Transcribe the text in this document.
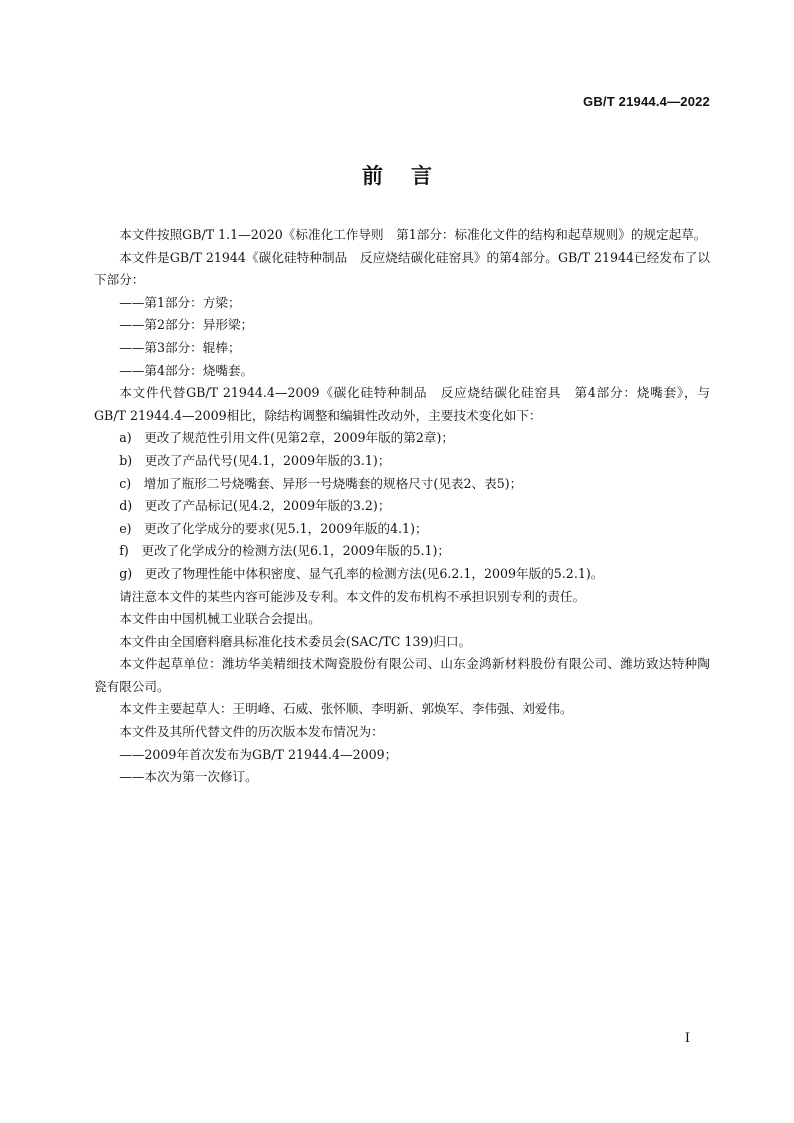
GB/T 21944.4—2022
前言

本文件按照GB/T 1.1—2020《标准化工作导则　第1部分：标准化文件的结构和起草规则》的规定起草。

本文件是GB/T 21944《碳化硅特种制品　反应烧结碳化硅窑具》的第4部分。GB/T 21944已经发布了以下部分：

——第1部分：方梁；

——第2部分：异形梁；

——第3部分：辊棒；

——第4部分：烧嘴套。

本文件代替GB/T 21944.4—2009《碳化硅特种制品　反应烧结碳化硅窑具　第4部分：烧嘴套》，与GB/T 21944.4—2009相比，除结构调整和编辑性改动外，主要技术变化如下：

a)　更改了规范性引用文件(见第2章，2009年版的第2章)；

b)　更改了产品代号(见4.1，2009年版的3.1)；

c)　增加了瓶形二号烧嘴套、异形一号烧嘴套的规格尺寸(见表2、表5)；

d)　更改了产品标记(见4.2，2009年版的3.2)；

e)　更改了化学成分的要求(见5.1，2009年版的4.1)；

f)　更改了化学成分的检测方法(见6.1，2009年版的5.1)；

g)　更改了物理性能中体积密度、显气孔率的检测方法(见6.2.1，2009年版的5.2.1)。

请注意本文件的某些内容可能涉及专利。本文件的发布机构不承担识别专利的责任。

本文件由中国机械工业联合会提出。

本文件由全国磨料磨具标准化技术委员会(SAC/TC 139)归口。

本文件起草单位：潍坊华美精细技术陶瓷股份有限公司、山东金鸿新材料股份有限公司、潍坊致达特种陶瓷有限公司。

本文件主要起草人：王明峰、石威、张怀顺、李明新、郭焕军、李伟强、刘爱伟。

本文件及其所代替文件的历次版本发布情况为：

——2009年首次发布为GB/T 21944.4—2009；

——本次为第一次修订。

I
